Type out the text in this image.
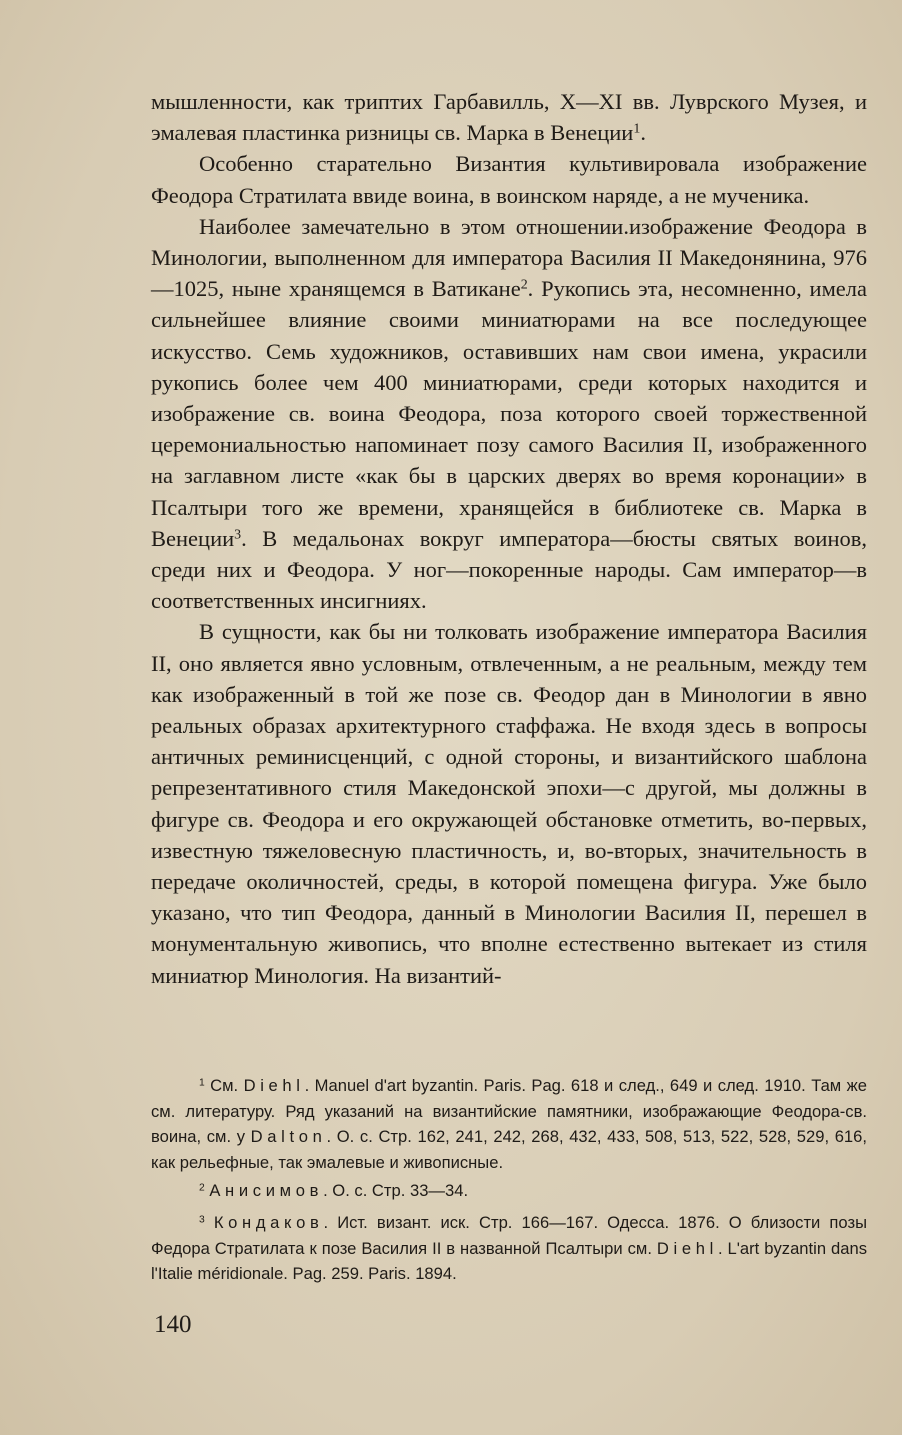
мышленности, как триптих Гарбавилль, X—XI вв. Луврского Музея, и эмалевая пластинка ризницы св. Марка в Венеции$^1$.

Особенно старательно Византия культивировала изображение Феодора Стратилата ввиде воина, в воинском наряде, а не мученика.

Наиболее замечательно в этом отношении.изображение Феодора в Минологии, выполненном для императора Василия II Македонянина, 976—1025, ныне хранящемся в Ватикане$^2$. Рукопись эта, несомненно, имела сильнейшее влияние своими миниатюрами на все последующее искусство. Семь художников, оставивших нам свои имена, украсили рукопись более чем 400 миниатюрами, среди которых находится и изображение св. воина Феодора, поза которого своей торжественной церемониальностью напоминает позу самого Василия II, изображенного на заглавном листе «как бы в царских дверях во время коронации» в Псалтыри того же времени, хранящейся в библиотеке св. Марка в Венеции$^3$. В медальонах вокруг императора—бюсты святых воинов, среди них и Феодора. У ног—покоренные народы. Сам император—в соответственных инсигниях.

В сущности, как бы ни толковать изображение императора Василия II, оно является явно условным, отвлеченным, а не реальным, между тем как изображенный в той же позе св. Феодор дан в Минологии в явно реальных образах архитектурного стаффажа. Не входя здесь в вопросы античных реминисценций, с одной стороны, и византийского шаблона репрезентативного стиля Македонской эпохи—с другой, мы должны в фигуре св. Феодора и его окружающей обстановке отметить, во-первых, известную тяжеловесную пластичность, и, во-вторых, значительность в передаче околичностей, среды, в которой помещена фигура. Уже было указано, что тип Феодора, данный в Минологии Василия II, перешел в монументальную живопись, что вполне естественно вытекает из стиля миниатюр Минология. На византий-

$^1$ См. Diehl. Manuel d'art byzantin. Paris. Pag. 618 и след., 649 и след. 1910. Там же см. литературу. Ряд указаний на византийские памятники, изображающие Феодора-св. воина, см. у Dalton. O. c. Стр. 162, 241, 242, 268, 432, 433, 508, 513, 522, 528, 529, 616, как рельефные, так эмалевые и живописные.

$^2$ Анисимов. О. с. Стр. 33—34.

$^3$ Кондаков. Ист. визант. иск. Стр. 166—167. Одесса. 1876. О близости позы Федора Стратилата к позе Василия II в названной Псалтыри см. Diehl. L'art byzantin dans l'Italie méridionale. Pag. 259. Paris. 1894.

140
